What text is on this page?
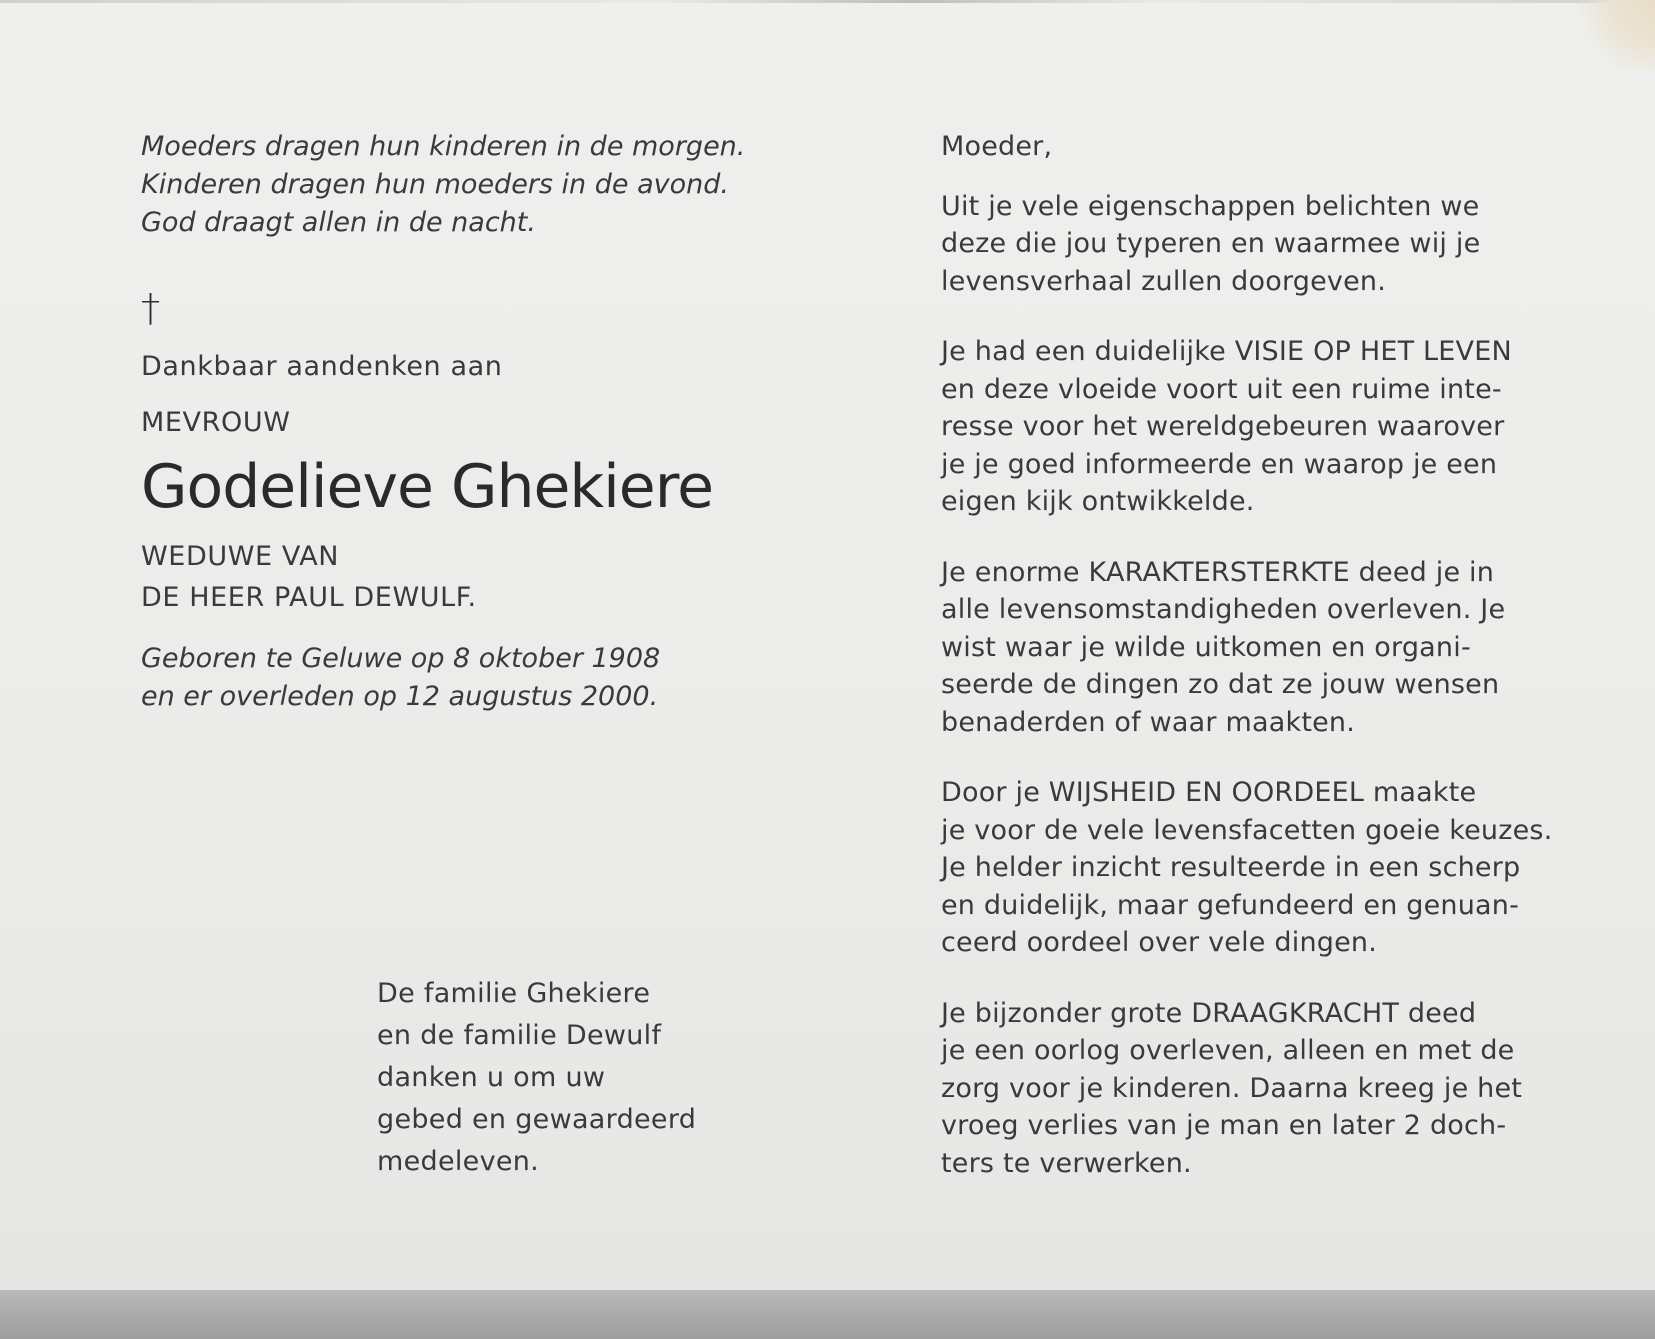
Moeders dragen hun kinderen in de morgen.
Kinderen dragen hun moeders in de avond.
God draagt allen in de nacht.
†
Dankbaar aandenken aan
MEVROUW
Godelieve Ghekiere
WEDUWE VAN
DE HEER PAUL DEWULF.
Geboren te Geluwe op 8 oktober 1908
en er overleden op 12 augustus 2000.
De familie Ghekiere
en de familie Dewulf
danken u om uw
gebed en gewaardeerd
medeleven.
Moeder,
Uit je vele eigenschappen belichten we
deze die jou typeren en waarmee wij je
levensverhaal zullen doorgeven.
Je had een duidelijke VISIE OP HET LEVEN
en deze vloeide voort uit een ruime inte-
resse voor het wereldgebeuren waarover
je je goed informeerde en waarop je een
eigen kijk ontwikkelde.
Je enorme KARAKTERSTERKTE deed je in
alle levensomstandigheden overleven. Je
wist waar je wilde uitkomen en organi-
seerde de dingen zo dat ze jouw wensen
benaderden of waar maakten.
Door je WIJSHEID EN OORDEEL maakte
je voor de vele levensfacetten goeie keuzes.
Je helder inzicht resulteerde in een scherp
en duidelijk, maar gefundeerd en genuan-
ceerd oordeel over vele dingen.
Je bijzonder grote DRAAGKRACHT deed
je een oorlog overleven, alleen en met de
zorg voor je kinderen. Daarna kreeg je het
vroeg verlies van je man en later 2 doch-
ters te verwerken.
